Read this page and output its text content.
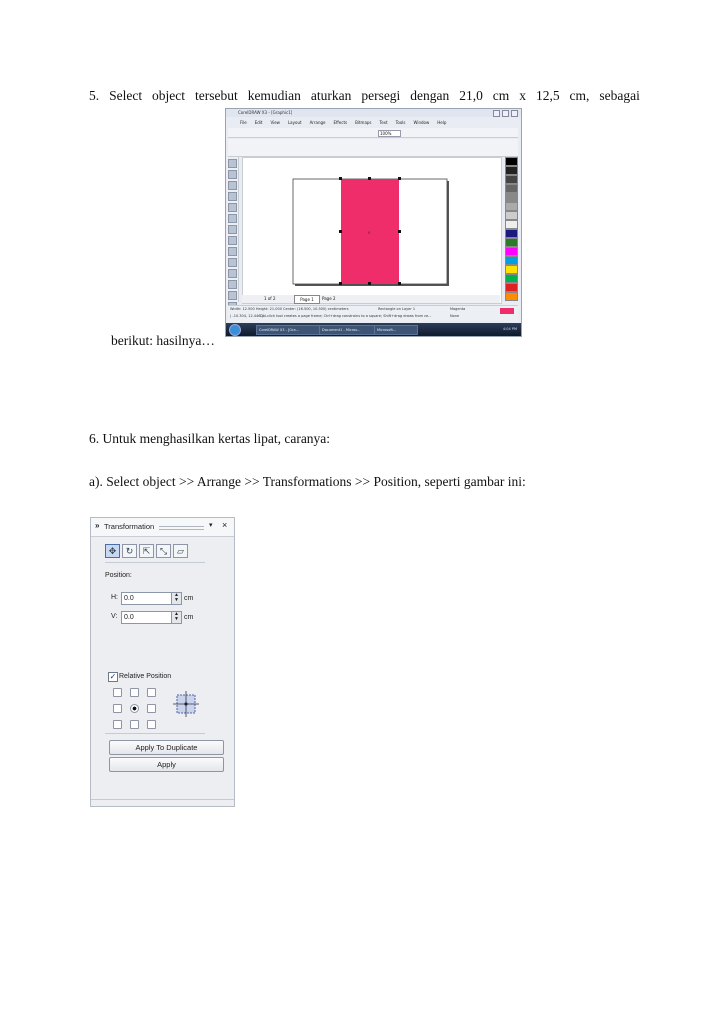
5. Select object tersebut kemudian aturkan persegi dengan 21,0 cm x 12,5 cm, sebagai
CorelDRAW X3 - [Graphic1]
File Edit View Layout Arrange Effects Bitmaps Text Tools Window Help
100%
×
1 of 2	Page 1	Page 2
Width: 12.500 Height: 21.000 Center: (16.500, 10.500) centimeters	Rectangle on Layer 1
( -10.304, 12.446 )
Dbl-click tool creates a page frame; Ctrl+drag constrains to a square; Shift+drag draws from ce...
Magenta
None
CorelDRAW X3 - [Gra...	Document1 - Micros...	Microsoft...	4:04 PM
berikut: hasilnya…
6. Untuk menghasilkan kertas lipat, caranya:
a). Select object >> Arrange >> Transformations >> Position, seperti gambar ini:
» Transformation	▾ ×
✥	↻	⇱	⤡	▱
Position:
H: 0.0	▲
▼ cm
V: 0.0	▲
▼ cm
✓ Relative Position
Apply To Duplicate
Apply
